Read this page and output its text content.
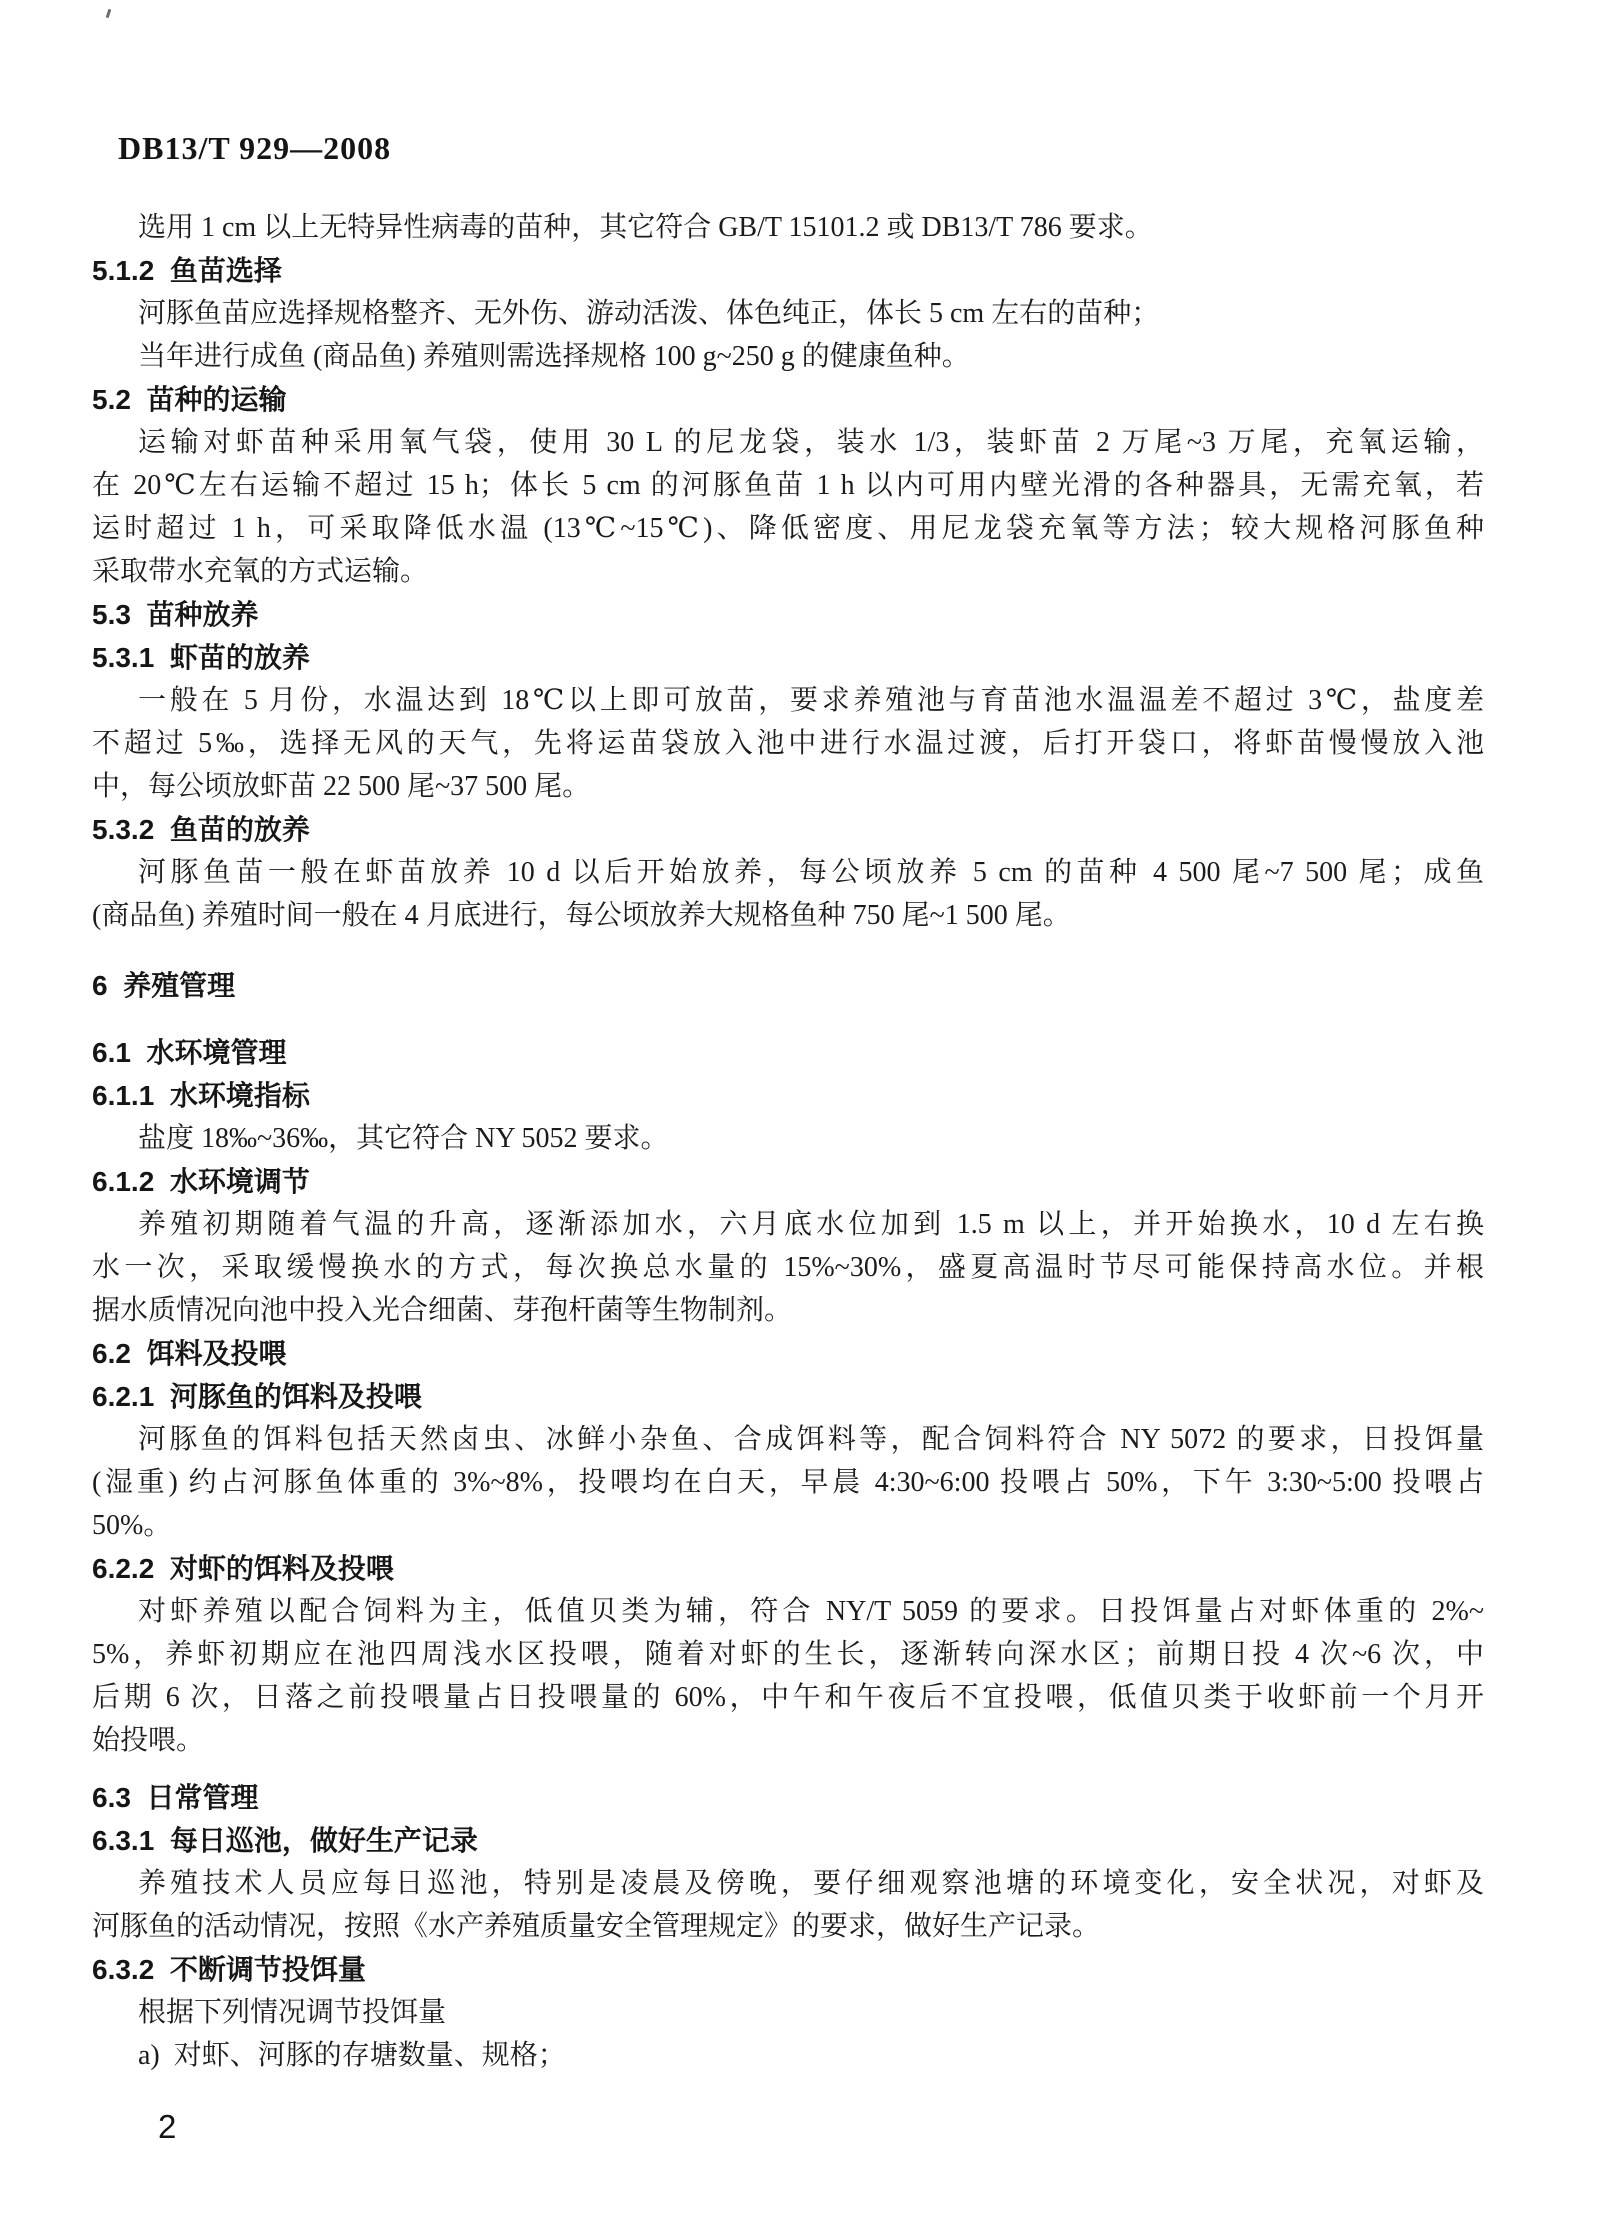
DB13/T 929—2008
选用 1 cm 以上无特异性病毒的苗种，其它符合 GB/T 15101.2 或 DB13/T 786 要求。
5.1.2  鱼苗选择
河豚鱼苗应选择规格整齐、无外伤、游动活泼、体色纯正，体长 5 cm 左右的苗种；
当年进行成鱼 (商品鱼) 养殖则需选择规格 100 g~250 g 的健康鱼种。
5.2  苗种的运输
运输对虾苗种采用氧气袋，使用 30 L 的尼龙袋，装水 1/3，装虾苗 2 万尾~3 万尾，充氧运输，
在 20℃左右运输不超过 15 h；体长 5 cm 的河豚鱼苗 1 h 以内可用内壁光滑的各种器具，无需充氧，若
运时超过 1 h，可采取降低水温 (13℃~15℃)、降低密度、用尼龙袋充氧等方法；较大规格河豚鱼种
采取带水充氧的方式运输。
5.3  苗种放养
5.3.1  虾苗的放养
一般在 5 月份，水温达到 18℃以上即可放苗，要求养殖池与育苗池水温温差不超过 3℃，盐度差
不超过 5‰，选择无风的天气，先将运苗袋放入池中进行水温过渡，后打开袋口，将虾苗慢慢放入池
中，每公顷放虾苗 22 500 尾~37 500 尾。
5.3.2  鱼苗的放养
河豚鱼苗一般在虾苗放养 10 d 以后开始放养，每公顷放养 5 cm 的苗种 4 500 尾~7 500 尾；成鱼
(商品鱼) 养殖时间一般在 4 月底进行，每公顷放养大规格鱼种 750 尾~1 500 尾。
6  养殖管理
6.1  水环境管理
6.1.1  水环境指标
盐度 18‰~36‰，其它符合 NY 5052 要求。
6.1.2  水环境调节
养殖初期随着气温的升高，逐渐添加水，六月底水位加到 1.5 m 以上，并开始换水，10 d 左右换
水一次，采取缓慢换水的方式，每次换总水量的 15%~30%，盛夏高温时节尽可能保持高水位。并根
据水质情况向池中投入光合细菌、芽孢杆菌等生物制剂。
6.2  饵料及投喂
6.2.1  河豚鱼的饵料及投喂
河豚鱼的饵料包括天然卤虫、冰鲜小杂鱼、合成饵料等，配合饲料符合 NY 5072 的要求，日投饵量
(湿重) 约占河豚鱼体重的 3%~8%，投喂均在白天，早晨 4:30~6:00 投喂占 50%，下午 3:30~5:00 投喂占
50%。
6.2.2  对虾的饵料及投喂
对虾养殖以配合饲料为主，低值贝类为辅，符合 NY/T 5059 的要求。日投饵量占对虾体重的 2%~
5%，养虾初期应在池四周浅水区投喂，随着对虾的生长，逐渐转向深水区；前期日投 4 次~6 次，中
后期 6 次，日落之前投喂量占日投喂量的 60%，中午和午夜后不宜投喂，低值贝类于收虾前一个月开
始投喂。
6.3  日常管理
6.3.1  每日巡池，做好生产记录
养殖技术人员应每日巡池，特别是凌晨及傍晚，要仔细观察池塘的环境变化，安全状况，对虾及
河豚鱼的活动情况，按照《水产养殖质量安全管理规定》的要求，做好生产记录。
6.3.2  不断调节投饵量
根据下列情况调节投饵量
a)  对虾、河豚的存塘数量、规格；
2
